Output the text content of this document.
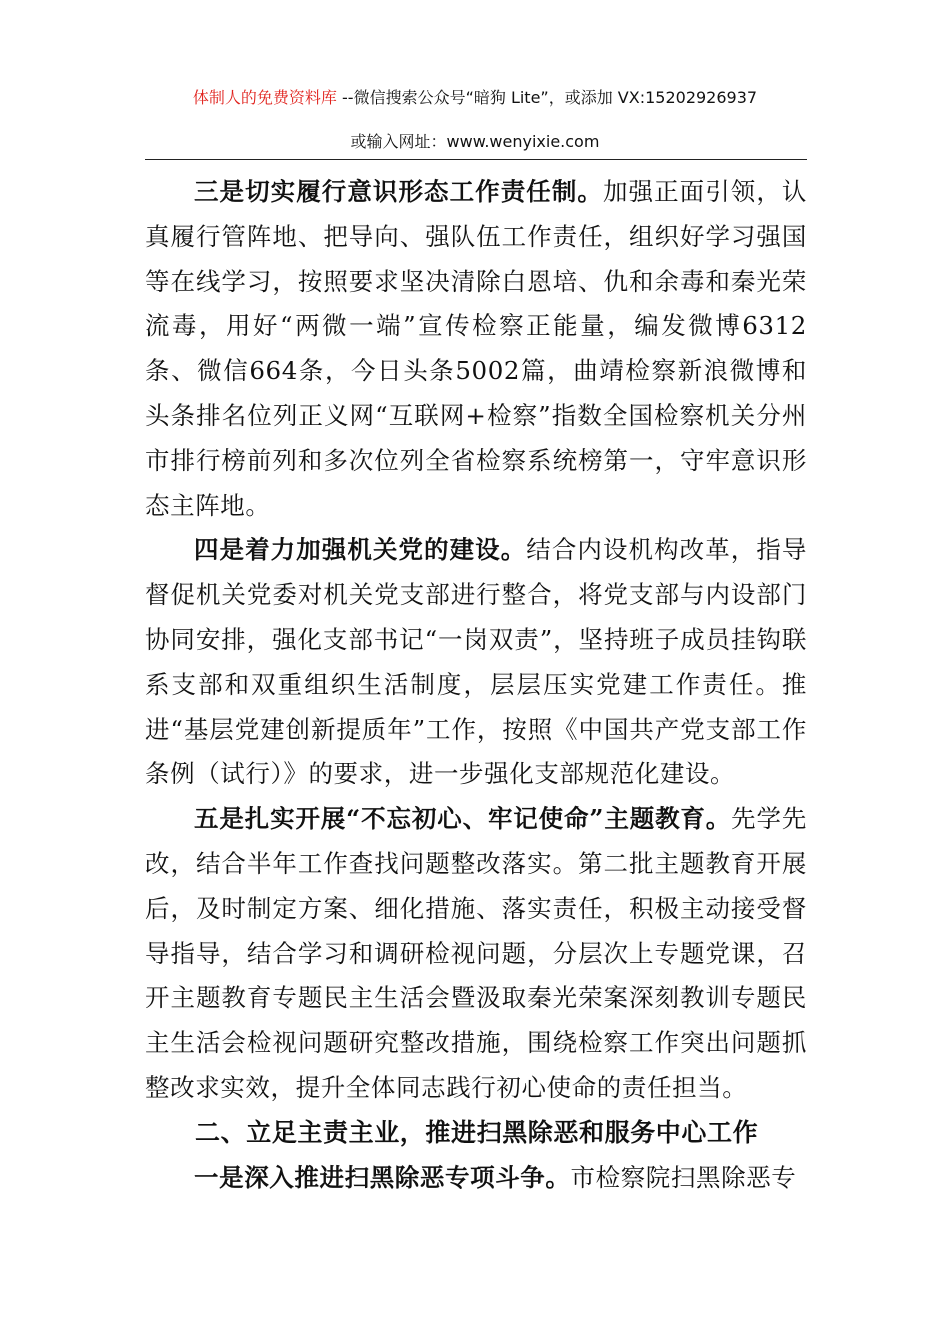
体制人的免费资料库 --微信搜索公众号“暗狗 Lite”，或添加 VX:15202926937
或输入网址：www.wenyixie.com

三是切实履行意识形态工作责任制。加强正面引领，认真履行管阵地、把导向、强队伍工作责任，组织好学习强国等在线学习，按照要求坚决清除白恩培、仇和余毒和秦光荣流毒，用好“两微一端”宣传检察正能量，编发微博6312条、微信664条，今日头条5002篇，曲靖检察新浪微博和头条排名位列正义网“互联网+检察”指数全国检察机关分州市排行榜前列和多次位列全省检察系统榜第一，守牢意识形态主阵地。

四是着力加强机关党的建设。结合内设机构改革，指导督促机关党委对机关党支部进行整合，将党支部与内设部门协同安排，强化支部书记“一岗双责”，坚持班子成员挂钩联系支部和双重组织生活制度，层层压实党建工作责任。推进“基层党建创新提质年”工作，按照《中国共产党支部工作条例（试行）》的要求，进一步强化支部规范化建设。

五是扎实开展“不忘初心、牢记使命”主题教育。先学先改，结合半年工作查找问题整改落实。第二批主题教育开展后，及时制定方案、细化措施、落实责任，积极主动接受督导指导，结合学习和调研检视问题，分层次上专题党课，召开主题教育专题民主生活会暨汲取秦光荣案深刻教训专题民主生活会检视问题研究整改措施，围绕检察工作突出问题抓整改求实效，提升全体同志践行初心使命的责任担当。

二、立足主责主业，推进扫黑除恶和服务中心工作

一是深入推进扫黑除恶专项斗争。市检察院扫黑除恶专
